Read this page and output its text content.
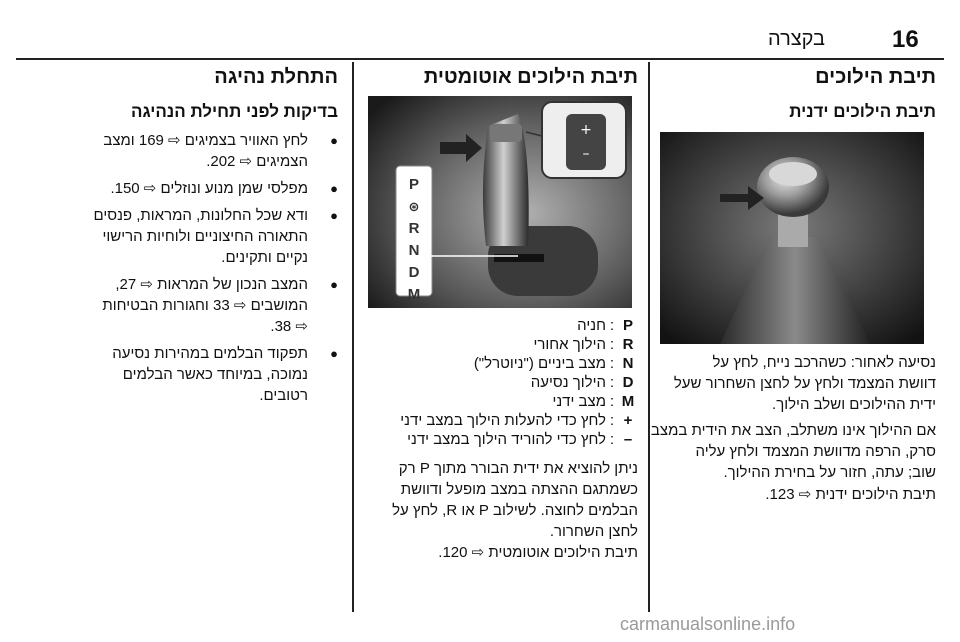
16
בקצרה
תיבת הילוכים
תיבת הילוכים ידנית
נסיעה לאחור: כשהרכב נייח, לחץ על
דוושת המצמד ולחץ על לחצן השחרור שעל
ידית ההילוכים ושלב הילוך.
אם ההילוך אינו משתלב, הצב את הידית במצב
סרק, הרפה מדוושת המצמד ולחץ עליה
שוב; עתה, חזור על בחירת ההילוך.
תיבת הילוכים ידנית ⇨ 123.
תיבת הילוכים אוטומטית
+
–
P
⊛
R
N
D
M
P
:
חניה
R
:
הילוך אחורי
N
:
מצב ביניים ("ניוטרל")
D
:
הילוך נסיעה
M
:
מצב ידני
+
:
לחץ כדי להעלות הילוך במצב ידני
–
:
לחץ כדי להוריד הילוך במצב ידני
ניתן להוציא את ידית הבורר מתוך P רק
כשמתגם ההצתה במצב מופעל ודוושת
הבלמים לחוצה. לשילוב P או R, לחץ על
לחצן השחרור.
תיבת הילוכים אוטומטית ⇨ 120.
התחלת נהיגה
בדיקות לפני תחילת הנהיגה
● לחץ האוויר בצמיגים ⇨ 169 ומצב
הצמיגים ⇨ 202.
● מפלסי שמן מנוע ונוזלים ⇨ 150.
● ודא שכל החלונות, המראות, פנסים
התאורה החיצוניים ולוחיות הרישוי
נקיים ותקינים.
● המצב הנכון של המראות ⇨ 27,
המושבים ⇨ 33 וחגורות הבטיחות
⇨ 38.
● תפקוד הבלמים במהירות נסיעה
נמוכה, במיוחד כאשר הבלמים
רטובים.
carmanualsonline.info
